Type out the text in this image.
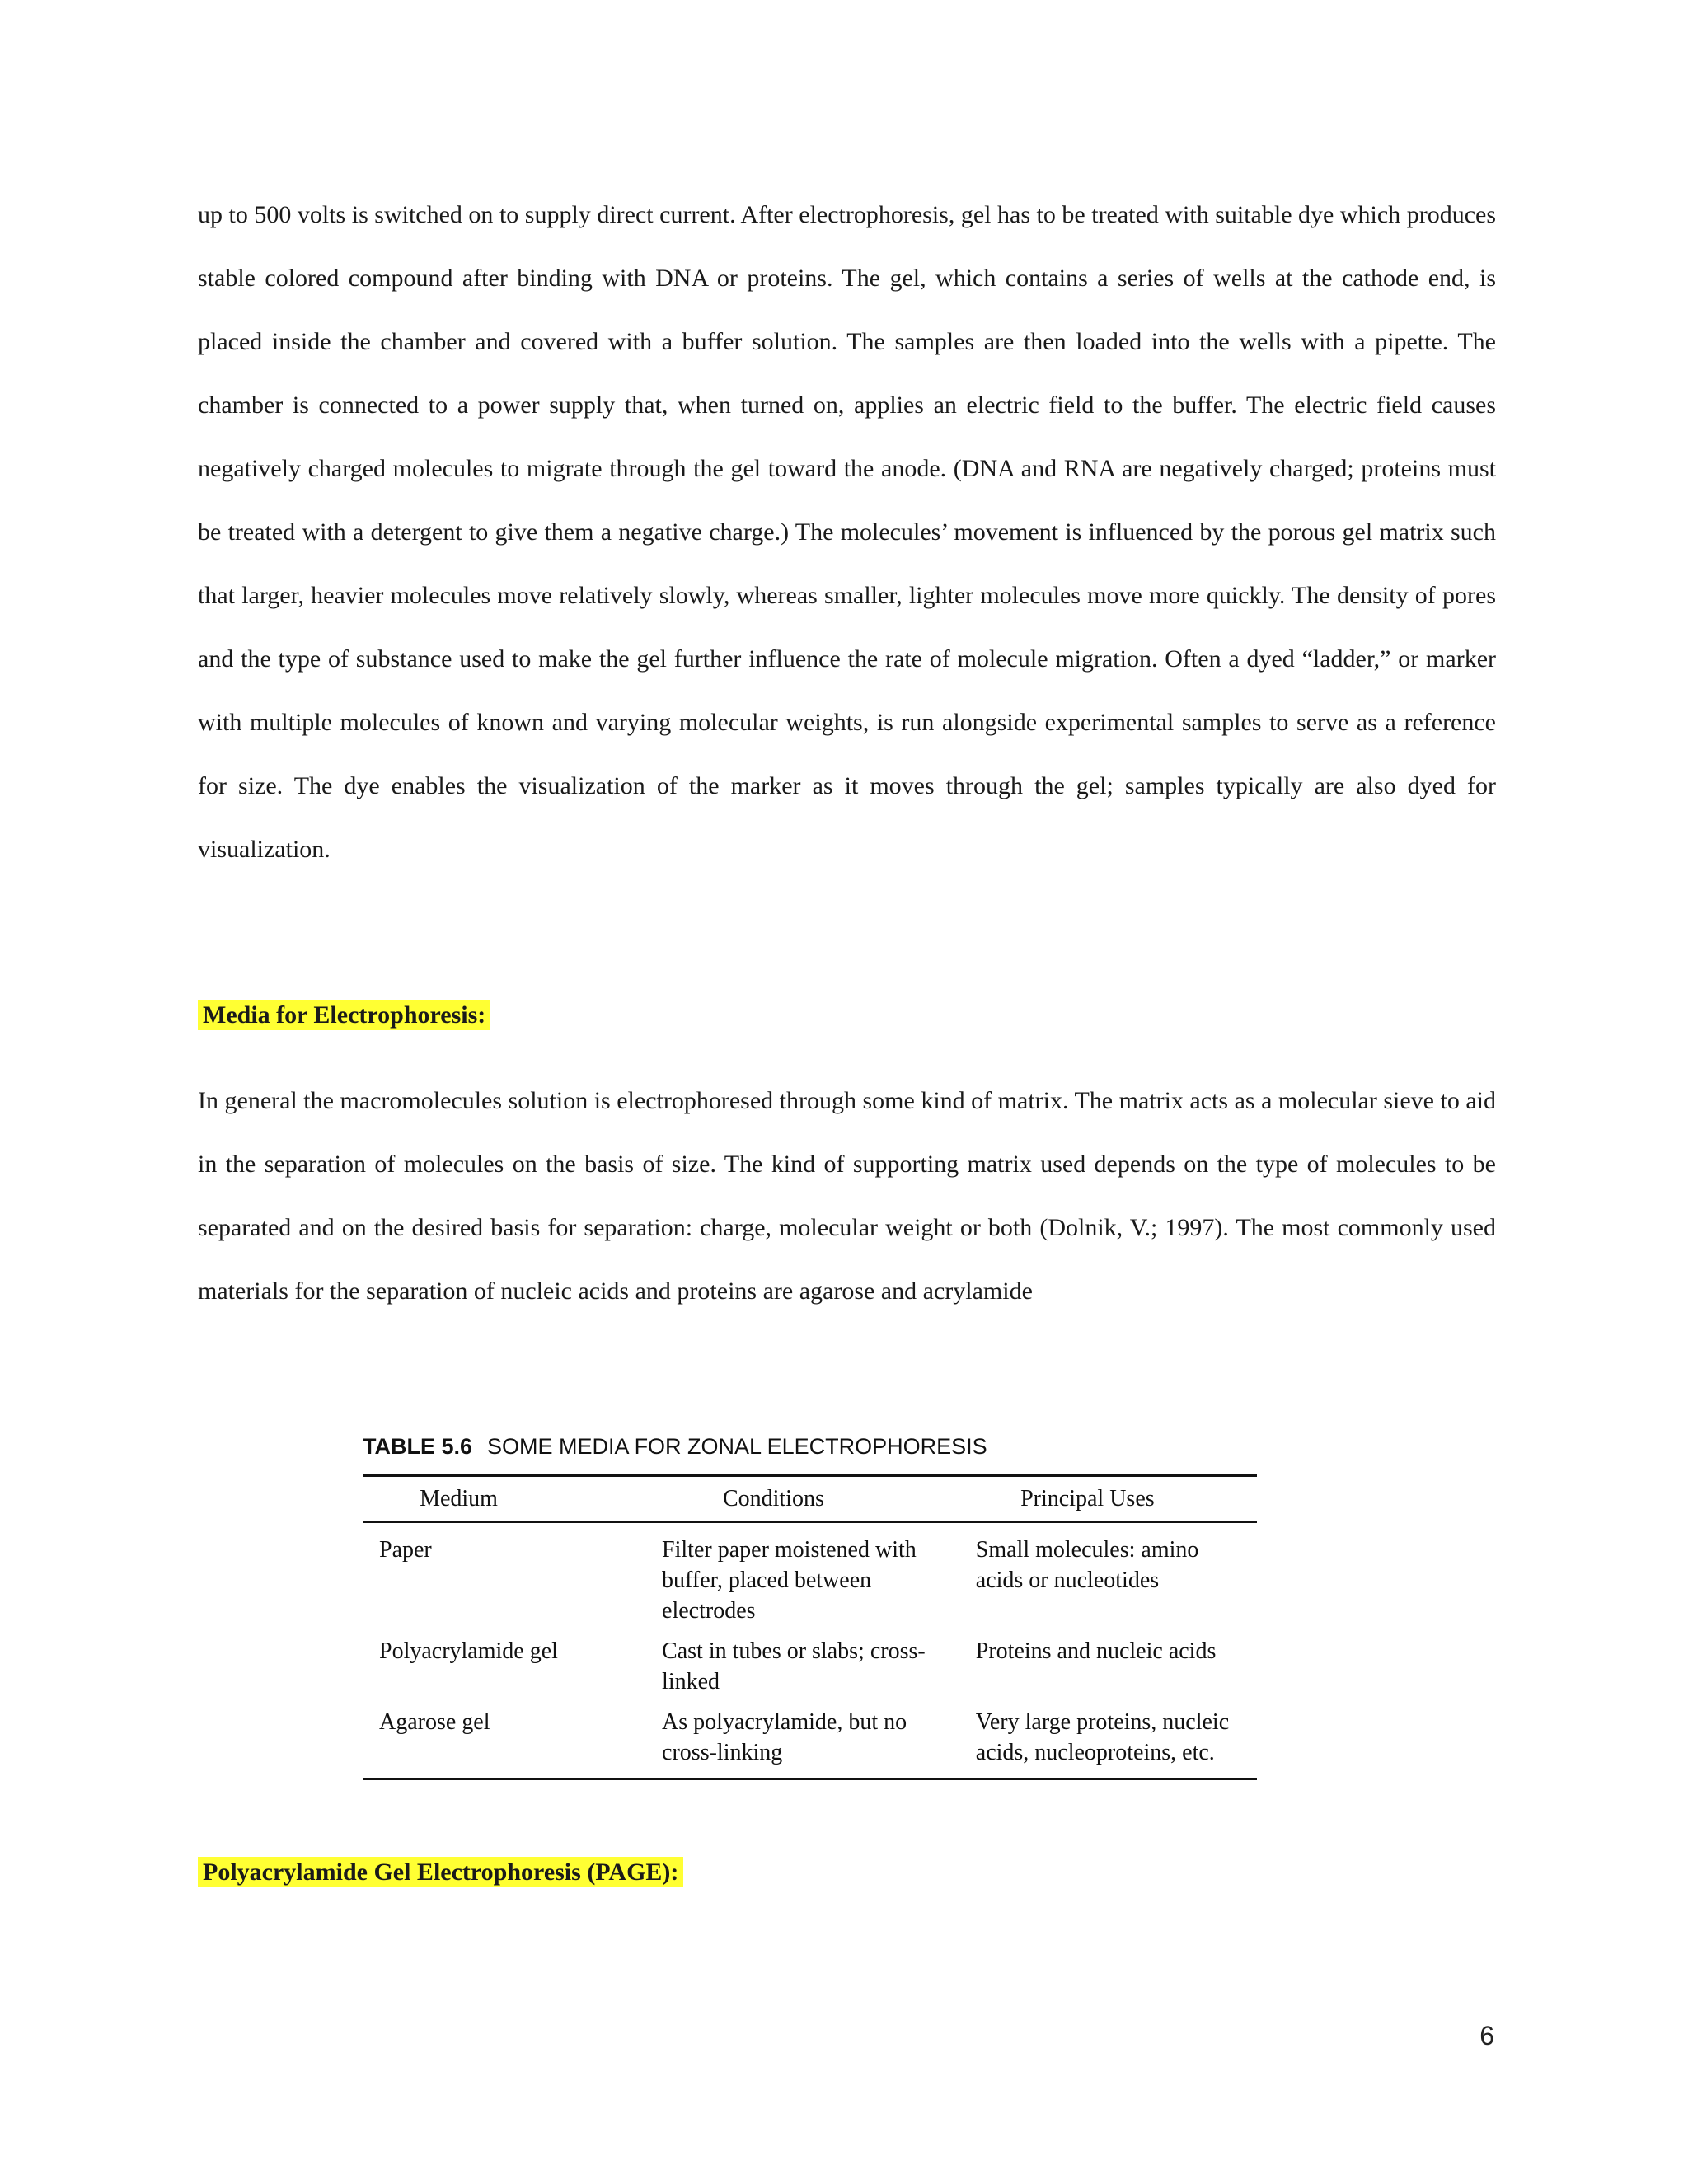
up to 500 volts is switched on to supply direct current. After electrophoresis, gel has to be treated with suitable dye which produces stable colored compound after binding with DNA or proteins. The gel, which contains a series of wells at the cathode end, is placed inside the chamber and covered with a buffer solution. The samples are then loaded into the wells with a pipette. The chamber is connected to a power supply that, when turned on, applies an electric field to the buffer. The electric field causes negatively charged molecules to migrate through the gel toward the anode. (DNA and RNA are negatively charged; proteins must be treated with a detergent to give them a negative charge.) The molecules’ movement is influenced by the porous gel matrix such that larger, heavier molecules move relatively slowly, whereas smaller, lighter molecules move more quickly. The density of pores and the type of substance used to make the gel further influence the rate of molecule migration. Often a dyed “ladder,” or marker with multiple molecules of known and varying molecular weights, is run alongside experimental samples to serve as a reference for size. The dye enables the visualization of the marker as it moves through the gel; samples typically are also dyed for visualization.

Media for Electrophoresis:

In general the macromolecules solution is electrophoresed through some kind of matrix. The matrix acts as a molecular sieve to aid in the separation of molecules on the basis of size. The kind of supporting matrix used depends on the type of molecules to be separated and on the desired basis for separation: charge, molecular weight or both (Dolnik, V.; 1997). The most commonly used materials for the separation of nucleic acids and proteins are agarose and acrylamide

TABLE 5.6 SOME MEDIA FOR ZONAL ELECTROPHORESIS

Medium	Conditions	Principal Uses
Paper	Filter paper moistened with buffer, placed between electrodes	Small molecules: amino acids or nucleotides
Polyacrylamide gel	Cast in tubes or slabs; cross-linked	Proteins and nucleic acids
Agarose gel	As polyacrylamide, but no cross-linking	Very large proteins, nucleic acids, nucleoproteins, etc.
Polyacrylamide Gel Electrophoresis (PAGE):
6
